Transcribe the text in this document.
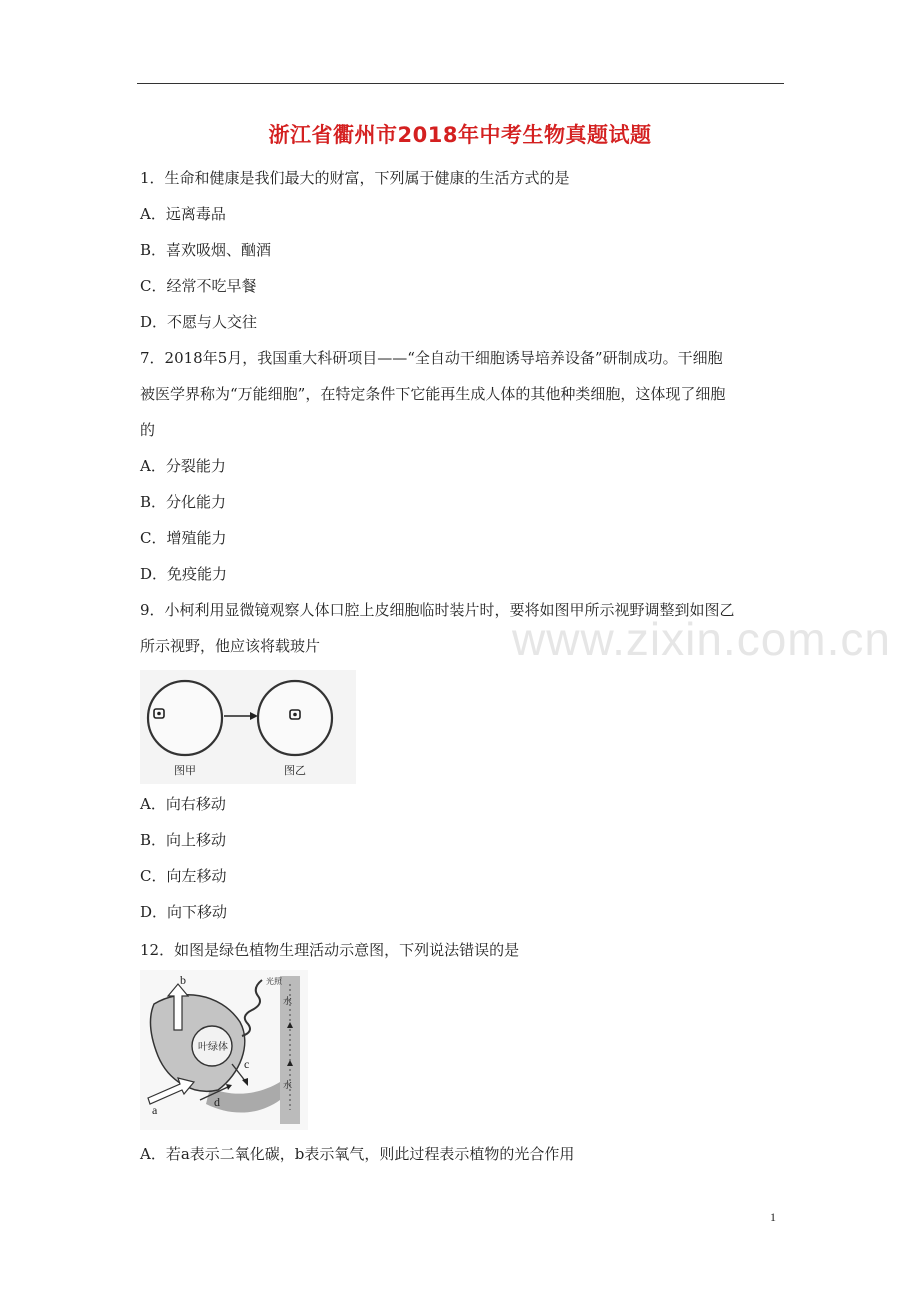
www.zixin.com.cn
浙江省衢州市2018年中考生物真题试题
1．生命和健康是我们最大的财富，下列属于健康的生活方式的是
A．远离毒品
B．喜欢吸烟、酗酒
C．经常不吃早餐
D．不愿与人交往
7．2018年5月，我国重大科研项目——“全自动干细胞诱导培养设备”研制成功。干细胞
被医学界称为“万能细胞”，在特定条件下它能再生成人体的其他种类细胞，这体现了细胞
的
A．分裂能力
B．分化能力
C．增殖能力
D．免疫能力
9．小柯利用显微镜观察人体口腔上皮细胞临时装片时，要将如图甲所示视野调整到如图乙
所示视野，他应该将载玻片
图甲	图乙
A．向右移动
B．向上移动
C．向左移动
D．向下移动
12．如图是绿色植物生理活动示意图，下列说法错误的是
水
水
叶绿体
b	光照
a
c
d
A．若a表示二氧化碳，b表示氧气，则此过程表示植物的光合作用
1
